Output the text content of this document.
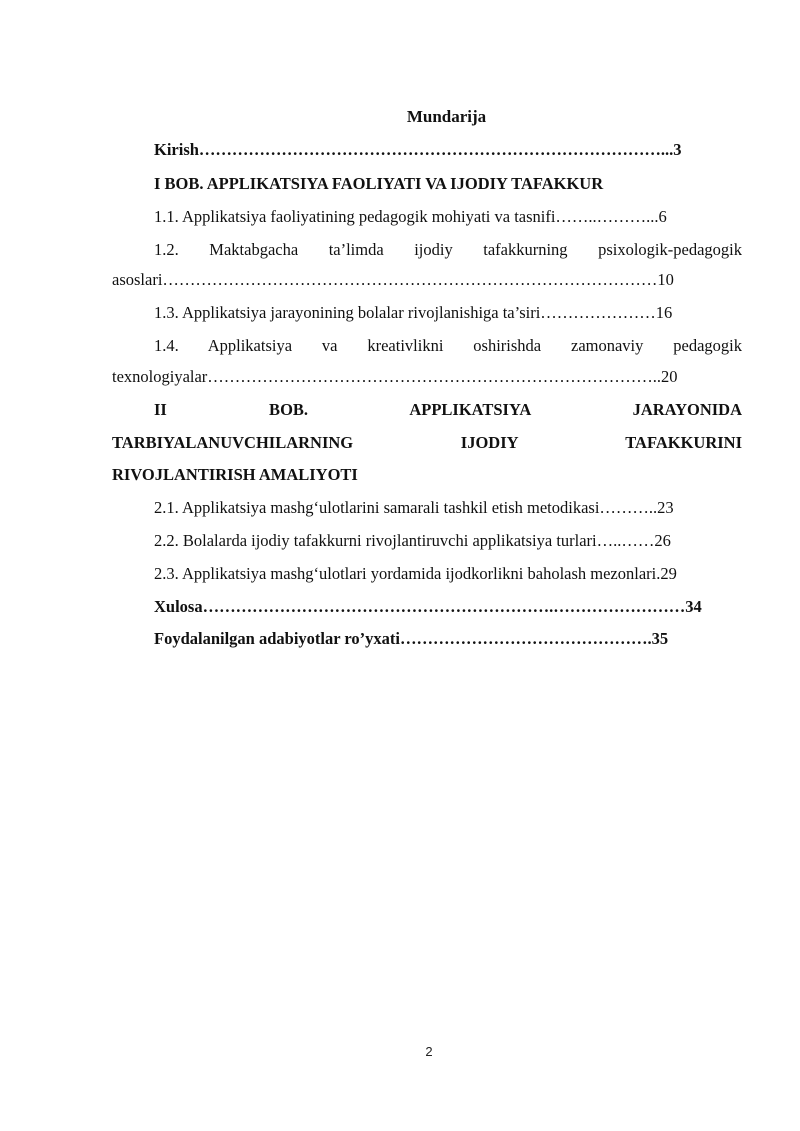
Mundarija
Kirish…………………………………………………………………………...3
I BOB. APPLIKATSIYA FAOLIYATI VA IJODIY TAFAKKUR
1.1. Applikatsiya faoliyatining pedagogik mohiyati va tasnifi……..………...6
1.2. Maktabgacha ta’limda ijodiy tafakkurning psixologik-pedagogik
asoslari………………………………………………………………………………10
1.3. Applikatsiya jarayonining bolalar rivojlanishiga ta’siri…………………16
1.4. Applikatsiya va kreativlikni oshirishda zamonaviy pedagogik
texnologiyalar………………………………………………………………………..20
II BOB. APPLIKATSIYA JARAYONIDA
TARBIYALANUVCHILARNING IJODIY TAFAKKURINI
RIVOJLANTIRISH AMALIYOTI
2.1. Applikatsiya mashg‘ulotlarini samarali tashkil etish metodikasi………..23
2.2. Bolalarda ijodiy tafakkurni rivojlantiruvchi applikatsiya turlari…..……26
2.3. Applikatsiya mashg‘ulotlari yordamida ijodkorlikni baholash mezonlari.29
Xulosa……………………………………………………….……………………34
Foydalanilgan adabiyotlar ro’yxati……………………………………….35
2
